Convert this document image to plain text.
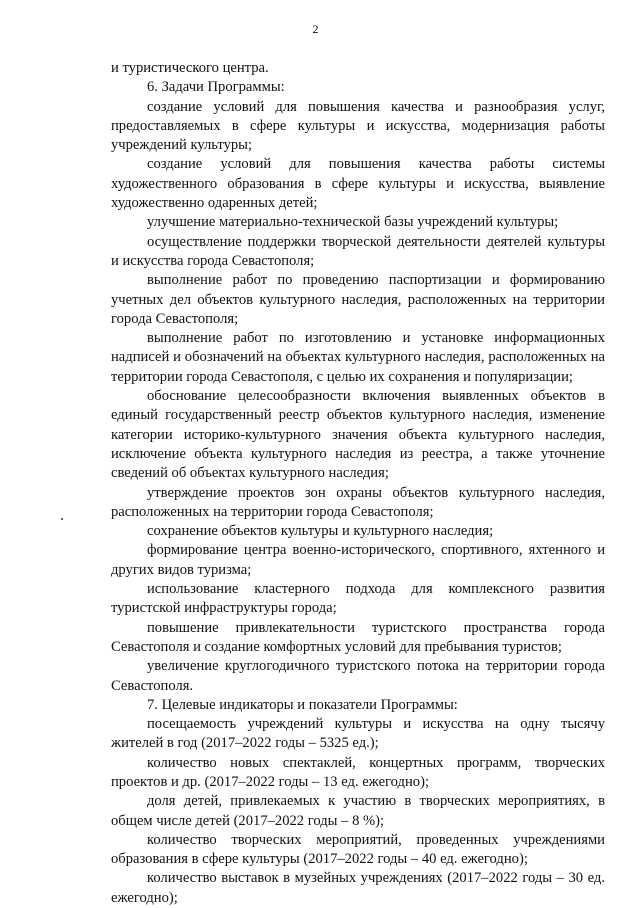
2

и туристического центра.

6. Задачи Программы:

создание условий для повышения качества и разнообразия услуг, предоставляемых в сфере культуры и искусства, модернизация работы учреждений культуры;

создание условий для повышения качества работы системы художественного образования в сфере культуры и искусства, выявление художественно одаренных детей;

улучшение материально-технической базы учреждений культуры;

осуществление поддержки творческой деятельности деятелей культуры и искусства города Севастополя;

выполнение работ по проведению паспортизации и формированию учетных дел объектов культурного наследия, расположенных на территории города Севастополя;

выполнение работ по изготовлению и установке информационных надписей и обозначений на объектах культурного наследия, расположенных на территории города Севастополя, с целью их сохранения и популяризации;

обоснование целесообразности включения выявленных объектов в единый государственный реестр объектов культурного наследия, изменение категории историко-культурного значения объекта культурного наследия, исключение объекта культурного наследия из реестра, а также уточнение сведений об объектах культурного наследия;

утверждение проектов зон охраны объектов культурного наследия, расположенных на территории города Севастополя;

сохранение объектов культуры и культурного наследия;

формирование центра военно-исторического, спортивного, яхтенного и других видов туризма;

использование кластерного подхода для комплексного развития туристской инфраструктуры города;

повышение привлекательности туристского пространства города Севастополя и создание комфортных условий для пребывания туристов;

увеличение круглогодичного туристского потока на территории города Севастополя.

7. Целевые индикаторы и показатели Программы:

посещаемость учреждений культуры и искусства на одну тысячу жителей в год (2017–2022 годы – 5325 ед.);

количество новых спектаклей, концертных программ, творческих проектов и др. (2017–2022 годы – 13 ед. ежегодно);

доля детей, привлекаемых к участию в творческих мероприятиях, в общем числе детей (2017–2022 годы – 8 %);

количество творческих мероприятий, проведенных учреждениями образования в сфере культуры (2017–2022 годы – 40 ед. ежегодно);

количество выставок в музейных учреждениях (2017–2022 годы – 30 ед. ежегодно);
